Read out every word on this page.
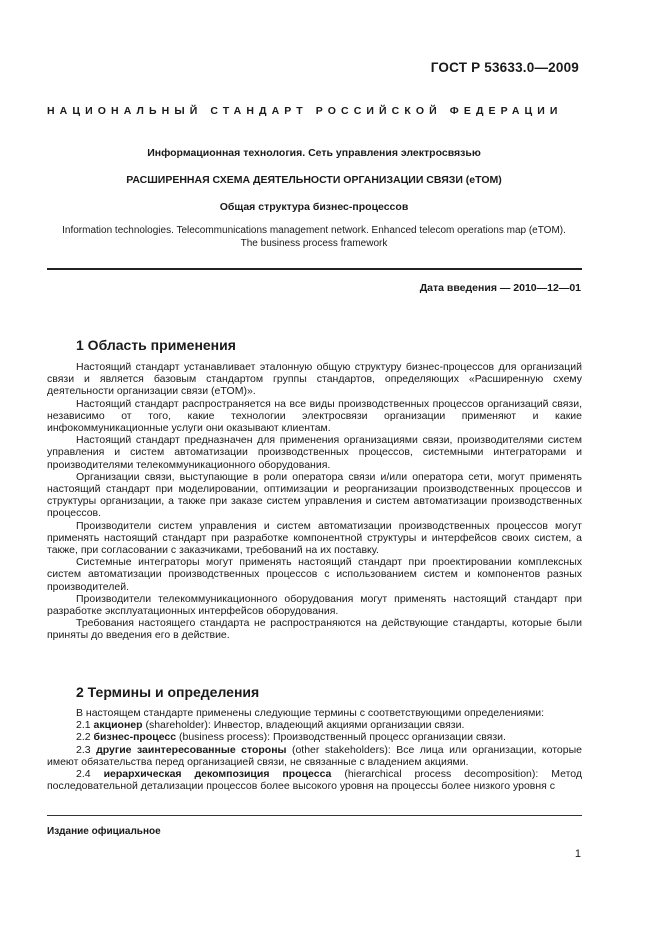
ГОСТ Р 53633.0—2009
НАЦИОНАЛЬНЫЙ СТАНДАРТ РОССИЙСКОЙ ФЕДЕРАЦИИ
Информационная технология. Сеть управления электросвязью
РАСШИРЕННАЯ СХЕМА ДЕЯТЕЛЬНОСТИ ОРГАНИЗАЦИИ СВЯЗИ (eTOM)
Общая структура бизнес-процессов
Information technologies. Telecommunications management network. Enhanced telecom operations map (eTOM).
The business process framework
Дата введения — 2010—12—01
1 Область применения

Настоящий стандарт устанавливает эталонную общую структуру бизнес-процессов для организаций связи и является базовым стандартом группы стандартов, определяющих «Расширенную схему деятельности организации связи (eTOM)».

Настоящий стандарт распространяется на все виды производственных процессов организаций связи, независимо от того, какие технологии электросвязи организации применяют и какие инфокоммуникационные услуги они оказывают клиентам.

Настоящий стандарт предназначен для применения организациями связи, производителями систем управления и систем автоматизации производственных процессов, системными интеграторами и производителями телекоммуникационного оборудования.

Организации связи, выступающие в роли оператора связи и/или оператора сети, могут применять настоящий стандарт при моделировании, оптимизации и реорганизации производственных процессов и структуры организации, а также при заказе систем управления и систем автоматизации производственных процессов.

Производители систем управления и систем автоматизации производственных процессов могут применять настоящий стандарт при разработке компонентной структуры и интерфейсов своих систем, а также, при согласовании с заказчиками, требований на их поставку.

Системные интеграторы могут применять настоящий стандарт при проектировании комплексных систем автоматизации производственных процессов с использованием систем и компонентов разных производителей.

Производители телекоммуникационного оборудования могут применять настоящий стандарт при разработке эксплуатационных интерфейсов оборудования.

Требования настоящего стандарта не распространяются на действующие стандарты, которые были приняты до введения его в действие.

2 Термины и определения

В настоящем стандарте применены следующие термины с соответствующими определениями:

2.1 акционер (shareholder): Инвестор, владеющий акциями организации связи.

2.2 бизнес-процесс (business process): Производственный процесс организации связи.

2.3 другие заинтересованные стороны (other stakeholders): Все лица или организации, которые имеют обязательства перед организацией связи, не связанные с владением акциями.

2.4 иерархическая декомпозиция процесса (hierarchical process decomposition): Метод последовательной детализации процессов более высокого уровня на процессы более низкого уровня с

Издание официальное
1
